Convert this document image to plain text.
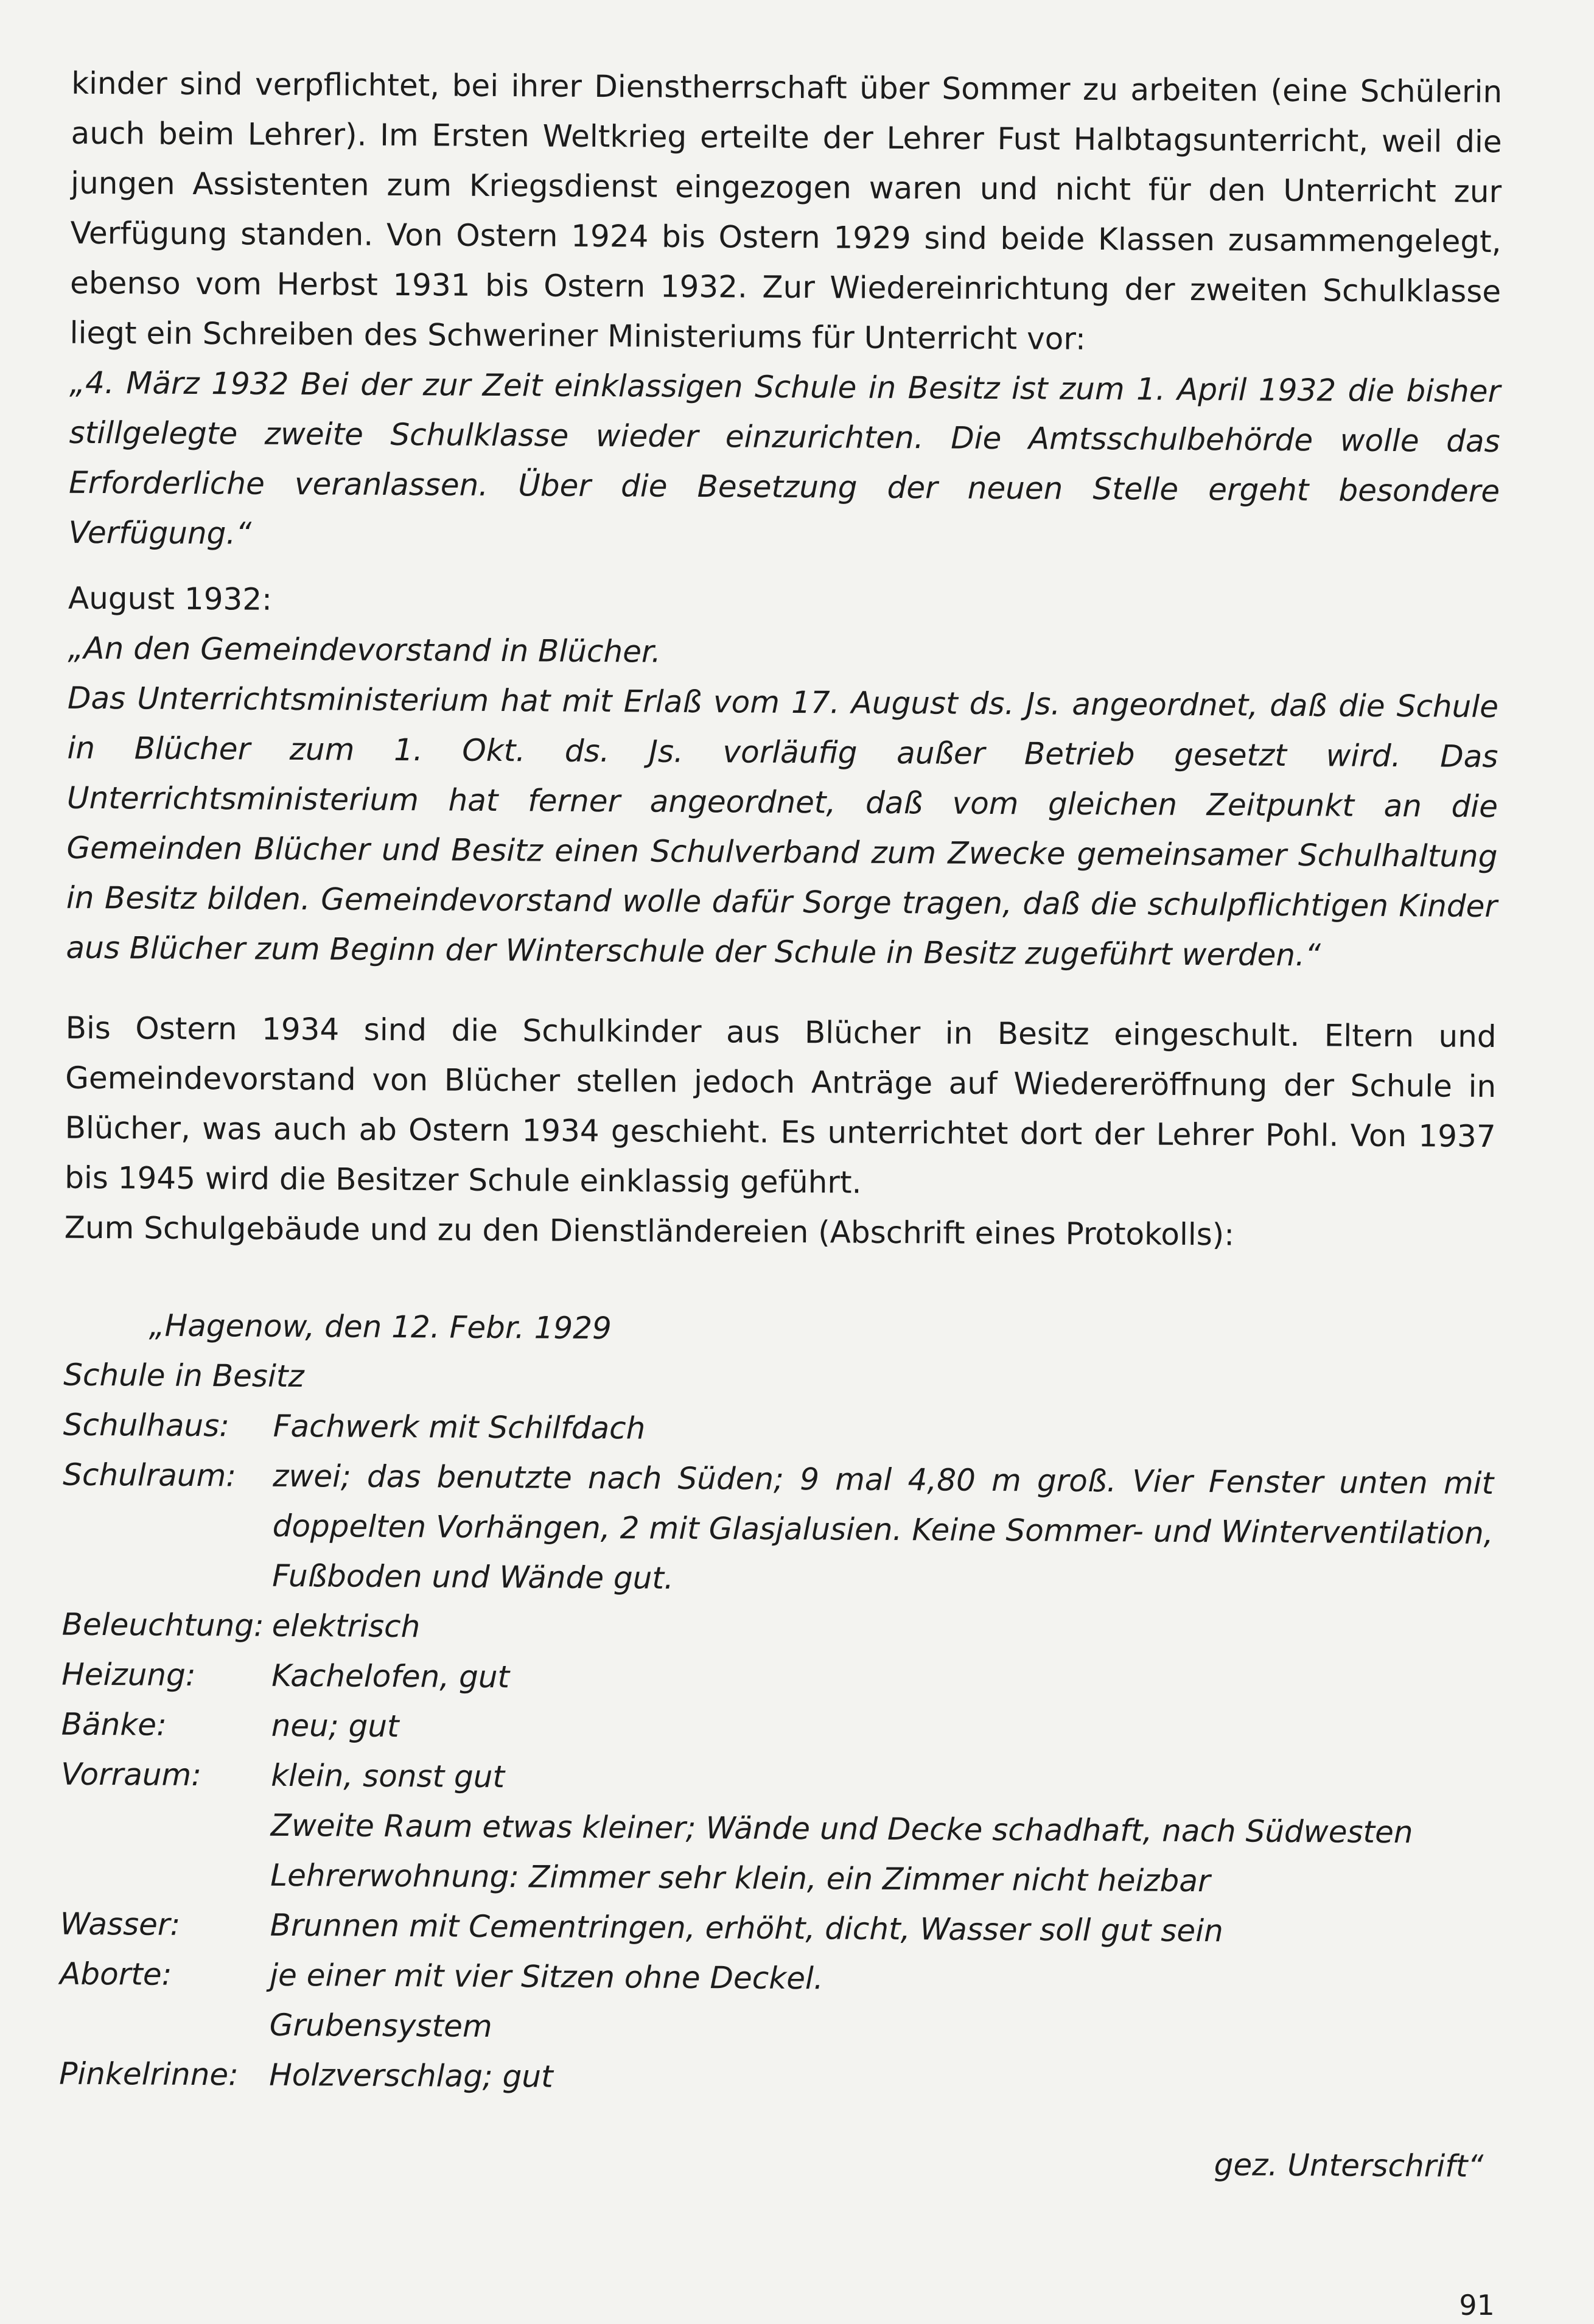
kinder sind verpflichtet, bei ihrer Dienstherrschaft über Sommer zu arbeiten (eine Schülerin auch beim Lehrer). Im Ersten Weltkrieg erteilte der Lehrer Fust Halbtagsunterricht, weil die jungen Assistenten zum Kriegsdienst eingezogen waren und nicht für den Unterricht zur Verfügung standen. Von Ostern 1924 bis Ostern 1929 sind beide Klassen zusammengelegt, ebenso vom Herbst 1931 bis Ostern 1932. Zur Wiedereinrichtung der zweiten Schulklasse liegt ein Schreiben des Schweriner Ministeriums für Unterricht vor:

„4. März 1932 Bei der zur Zeit einklassigen Schule in Besitz ist zum 1. April 1932 die bisher stillgelegte zweite Schulklasse wieder einzurichten. Die Amtsschulbehörde wolle das Erforderliche veranlassen. Über die Besetzung der neuen Stelle ergeht besondere Verfügung.“

August 1932:

„An den Gemeindevorstand in Blücher.

Das Unterrichtsministerium hat mit Erlaß vom 17. August ds. Js. angeordnet, daß die Schule in Blücher zum 1. Okt. ds. Js. vorläufig außer Betrieb gesetzt wird. Das Unterrichtsministerium hat ferner angeordnet, daß vom gleichen Zeitpunkt an die Gemeinden Blücher und Besitz einen Schulverband zum Zwecke gemeinsamer Schulhaltung in Besitz bilden. Gemeindevorstand wolle dafür Sorge tragen, daß die schulpflichtigen Kinder aus Blücher zum Beginn der Winterschule der Schule in Besitz zugeführt werden.“

Bis Ostern 1934 sind die Schulkinder aus Blücher in Besitz eingeschult. Eltern und Gemeindevorstand von Blücher stellen jedoch Anträge auf Wiedereröffnung der Schule in Blücher, was auch ab Ostern 1934 geschieht. Es unterrichtet dort der Lehrer Pohl. Von 1937 bis 1945 wird die Besitzer Schule einklassig geführt.

Zum Schulgebäude und zu den Dienstländereien (Abschrift eines Protokolls):

„Hagenow, den 12. Febr. 1929

Schule in Besitz

Schulhaus:	Fachwerk mit Schilfdach
Schulraum:	zwei; das benutzte nach Süden; 9 mal 4,80 m groß. Vier Fenster unten mit doppelten Vorhängen, 2 mit Glasjalusien. Keine Sommer- und Winterventilation, Fußboden und Wände gut.
Beleuchtung: elektrisch
Heizung:	Kachelofen, gut
Bänke:	neu; gut
Vorraum:	klein, sonst gut
Zweite Raum etwas kleiner; Wände und Decke schadhaft, nach Südwesten
Lehrerwohnung: Zimmer sehr klein, ein Zimmer nicht heizbar
Wasser:	Brunnen mit Cementringen, erhöht, dicht, Wasser soll gut sein
Aborte:	je einer mit vier Sitzen ohne Deckel.
Grubensystem
Pinkelrinne: Holzverschlag; gut

gez. Unterschrift“

91
